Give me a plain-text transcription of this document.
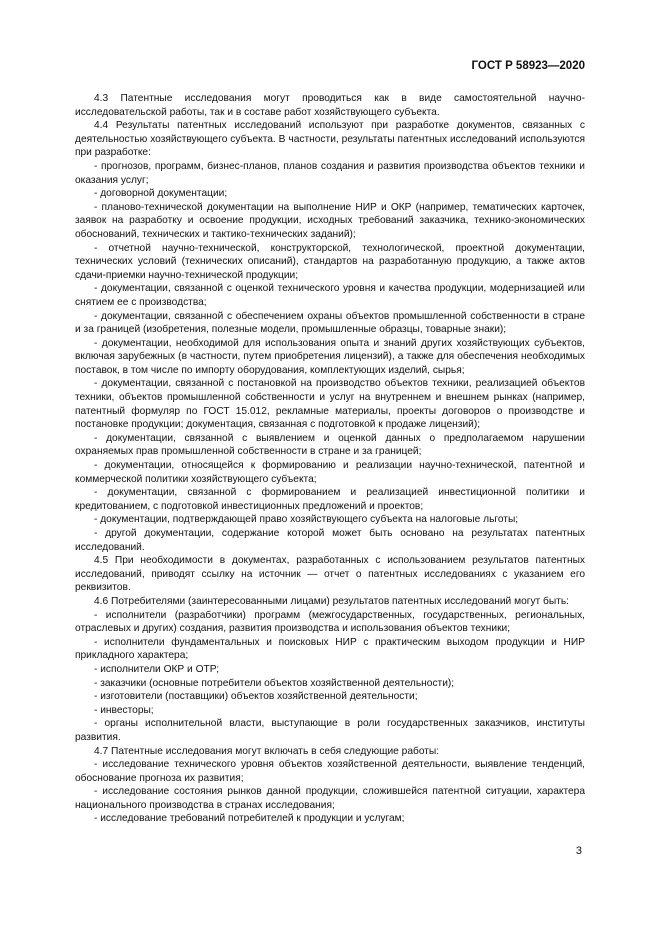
ГОСТ Р 58923—2020

4.3 Патентные исследования могут проводиться как в виде самостоятельной научно-исследовательской работы, так и в составе работ хозяйствующего субъекта.

4.4 Результаты патентных исследований используют при разработке документов, связанных с деятельностью хозяйствующего субъекта. В частности, результаты патентных исследований используются при разработке:

- прогнозов, программ, бизнес-планов, планов создания и развития производства объектов техники и оказания услуг;

- договорной документации;

- планово-технической документации на выполнение НИР и ОКР (например, тематических карточек, заявок на разработку и освоение продукции, исходных требований заказчика, технико-экономических обоснований, технических и тактико-технических заданий);

- отчетной научно-технической, конструкторской, технологической, проектной документации, технических условий (технических описаний), стандартов на разработанную продукцию, а также актов сдачи-приемки научно-технической продукции;

- документации, связанной с оценкой технического уровня и качества продукции, модернизацией или снятием ее с производства;

- документации, связанной с обеспечением охраны объектов промышленной собственности в стране и за границей (изобретения, полезные модели, промышленные образцы, товарные знаки);

- документации, необходимой для использования опыта и знаний других хозяйствующих субъектов, включая зарубежных (в частности, путем приобретения лицензий), а также для обеспечения необходимых поставок, в том числе по импорту оборудования, комплектующих изделий, сырья;

- документации, связанной с постановкой на производство объектов техники, реализацией объектов техники, объектов промышленной собственности и услуг на внутреннем и внешнем рынках (например, патентный формуляр по ГОСТ 15.012, рекламные материалы, проекты договоров о производстве и постановке продукции; документация, связанная с подготовкой к продаже лицензий);

- документации, связанной с выявлением и оценкой данных о предполагаемом нарушении охраняемых прав промышленной собственности в стране и за границей;

- документации, относящейся к формированию и реализации научно-технической, патентной и коммерческой политики хозяйствующего субъекта;

- документации, связанной с формированием и реализацией инвестиционной политики и кредитованием, с подготовкой инвестиционных предложений и проектов;

- документации, подтверждающей право хозяйствующего субъекта на налоговые льготы;

- другой документации, содержание которой может быть основано на результатах патентных исследований.

4.5 При необходимости в документах, разработанных с использованием результатов патентных исследований, приводят ссылку на источник — отчет о патентных исследованиях с указанием его реквизитов.

4.6 Потребителями (заинтересованными лицами) результатов патентных исследований могут быть:

- исполнители (разработчики) программ (межгосударственных, государственных, региональных, отраслевых и других) создания, развития производства и использования объектов техники;

- исполнители фундаментальных и поисковых НИР с практическим выходом продукции и НИР прикладного характера;

- исполнители ОКР и ОТР;

- заказчики (основные потребители объектов хозяйственной деятельности);

- изготовители (поставщики) объектов хозяйственной деятельности;

- инвесторы;

- органы исполнительной власти, выступающие в роли государственных заказчиков, институты развития.

4.7 Патентные исследования могут включать в себя следующие работы:

- исследование технического уровня объектов хозяйственной деятельности, выявление тенденций, обоснование прогноза их развития;

- исследование состояния рынков данной продукции, сложившейся патентной ситуации, характера национального производства в странах исследования;

- исследование требований потребителей к продукции и услугам;

3
